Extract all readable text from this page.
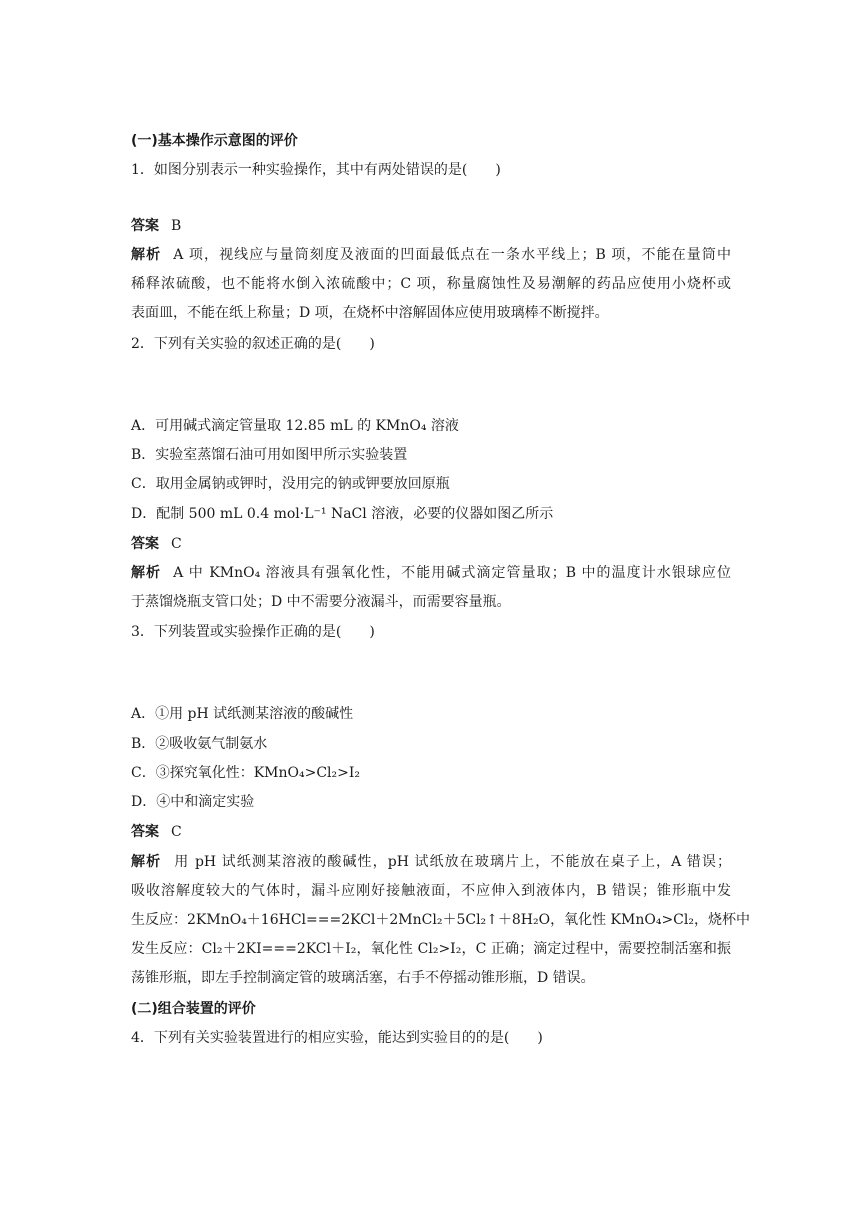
(一)基本操作示意图的评价
1．如图分别表示一种实验操作，其中有两处错误的是(　　)
答案 B
解析 A 项，视线应与量筒刻度及液面的凹面最低点在一条水平线上；B 项，不能在量筒中
稀释浓硫酸，也不能将水倒入浓硫酸中；C 项，称量腐蚀性及易潮解的药品应使用小烧杯或
表面皿，不能在纸上称量；D 项，在烧杯中溶解固体应使用玻璃棒不断搅拌。
2．下列有关实验的叙述正确的是(　　)
A．可用碱式滴定管量取 12.85 mL 的 KMnO₄ 溶液
B．实验室蒸馏石油可用如图甲所示实验装置
C．取用金属钠或钾时，没用完的钠或钾要放回原瓶
D．配制 500 mL 0.4 mol·L⁻¹ NaCl 溶液，必要的仪器如图乙所示
答案 C
解析 A 中 KMnO₄ 溶液具有强氧化性，不能用碱式滴定管量取；B 中的温度计水银球应位
于蒸馏烧瓶支管口处；D 中不需要分液漏斗，而需要容量瓶。
3．下列装置或实验操作正确的是(　　)
A．①用 pH 试纸测某溶液的酸碱性
B．②吸收氨气制氨水
C．③探究氧化性：KMnO₄>Cl₂>I₂
D．④中和滴定实验
答案 C
解析 用 pH 试纸测某溶液的酸碱性，pH 试纸放在玻璃片上，不能放在桌子上，A 错误；
吸收溶解度较大的气体时，漏斗应刚好接触液面，不应伸入到液体内，B 错误；锥形瓶中发
生反应：2KMnO₄＋16HCl===2KCl＋2MnCl₂＋5Cl₂↑＋8H₂O，氧化性 KMnO₄>Cl₂，烧杯中
发生反应：Cl₂＋2KI===2KCl＋I₂，氧化性 Cl₂>I₂，C 正确；滴定过程中，需要控制活塞和振
荡锥形瓶，即左手控制滴定管的玻璃活塞，右手不停摇动锥形瓶，D 错误。
(二)组合装置的评价
4．下列有关实验装置进行的相应实验，能达到实验目的的是(　　)
